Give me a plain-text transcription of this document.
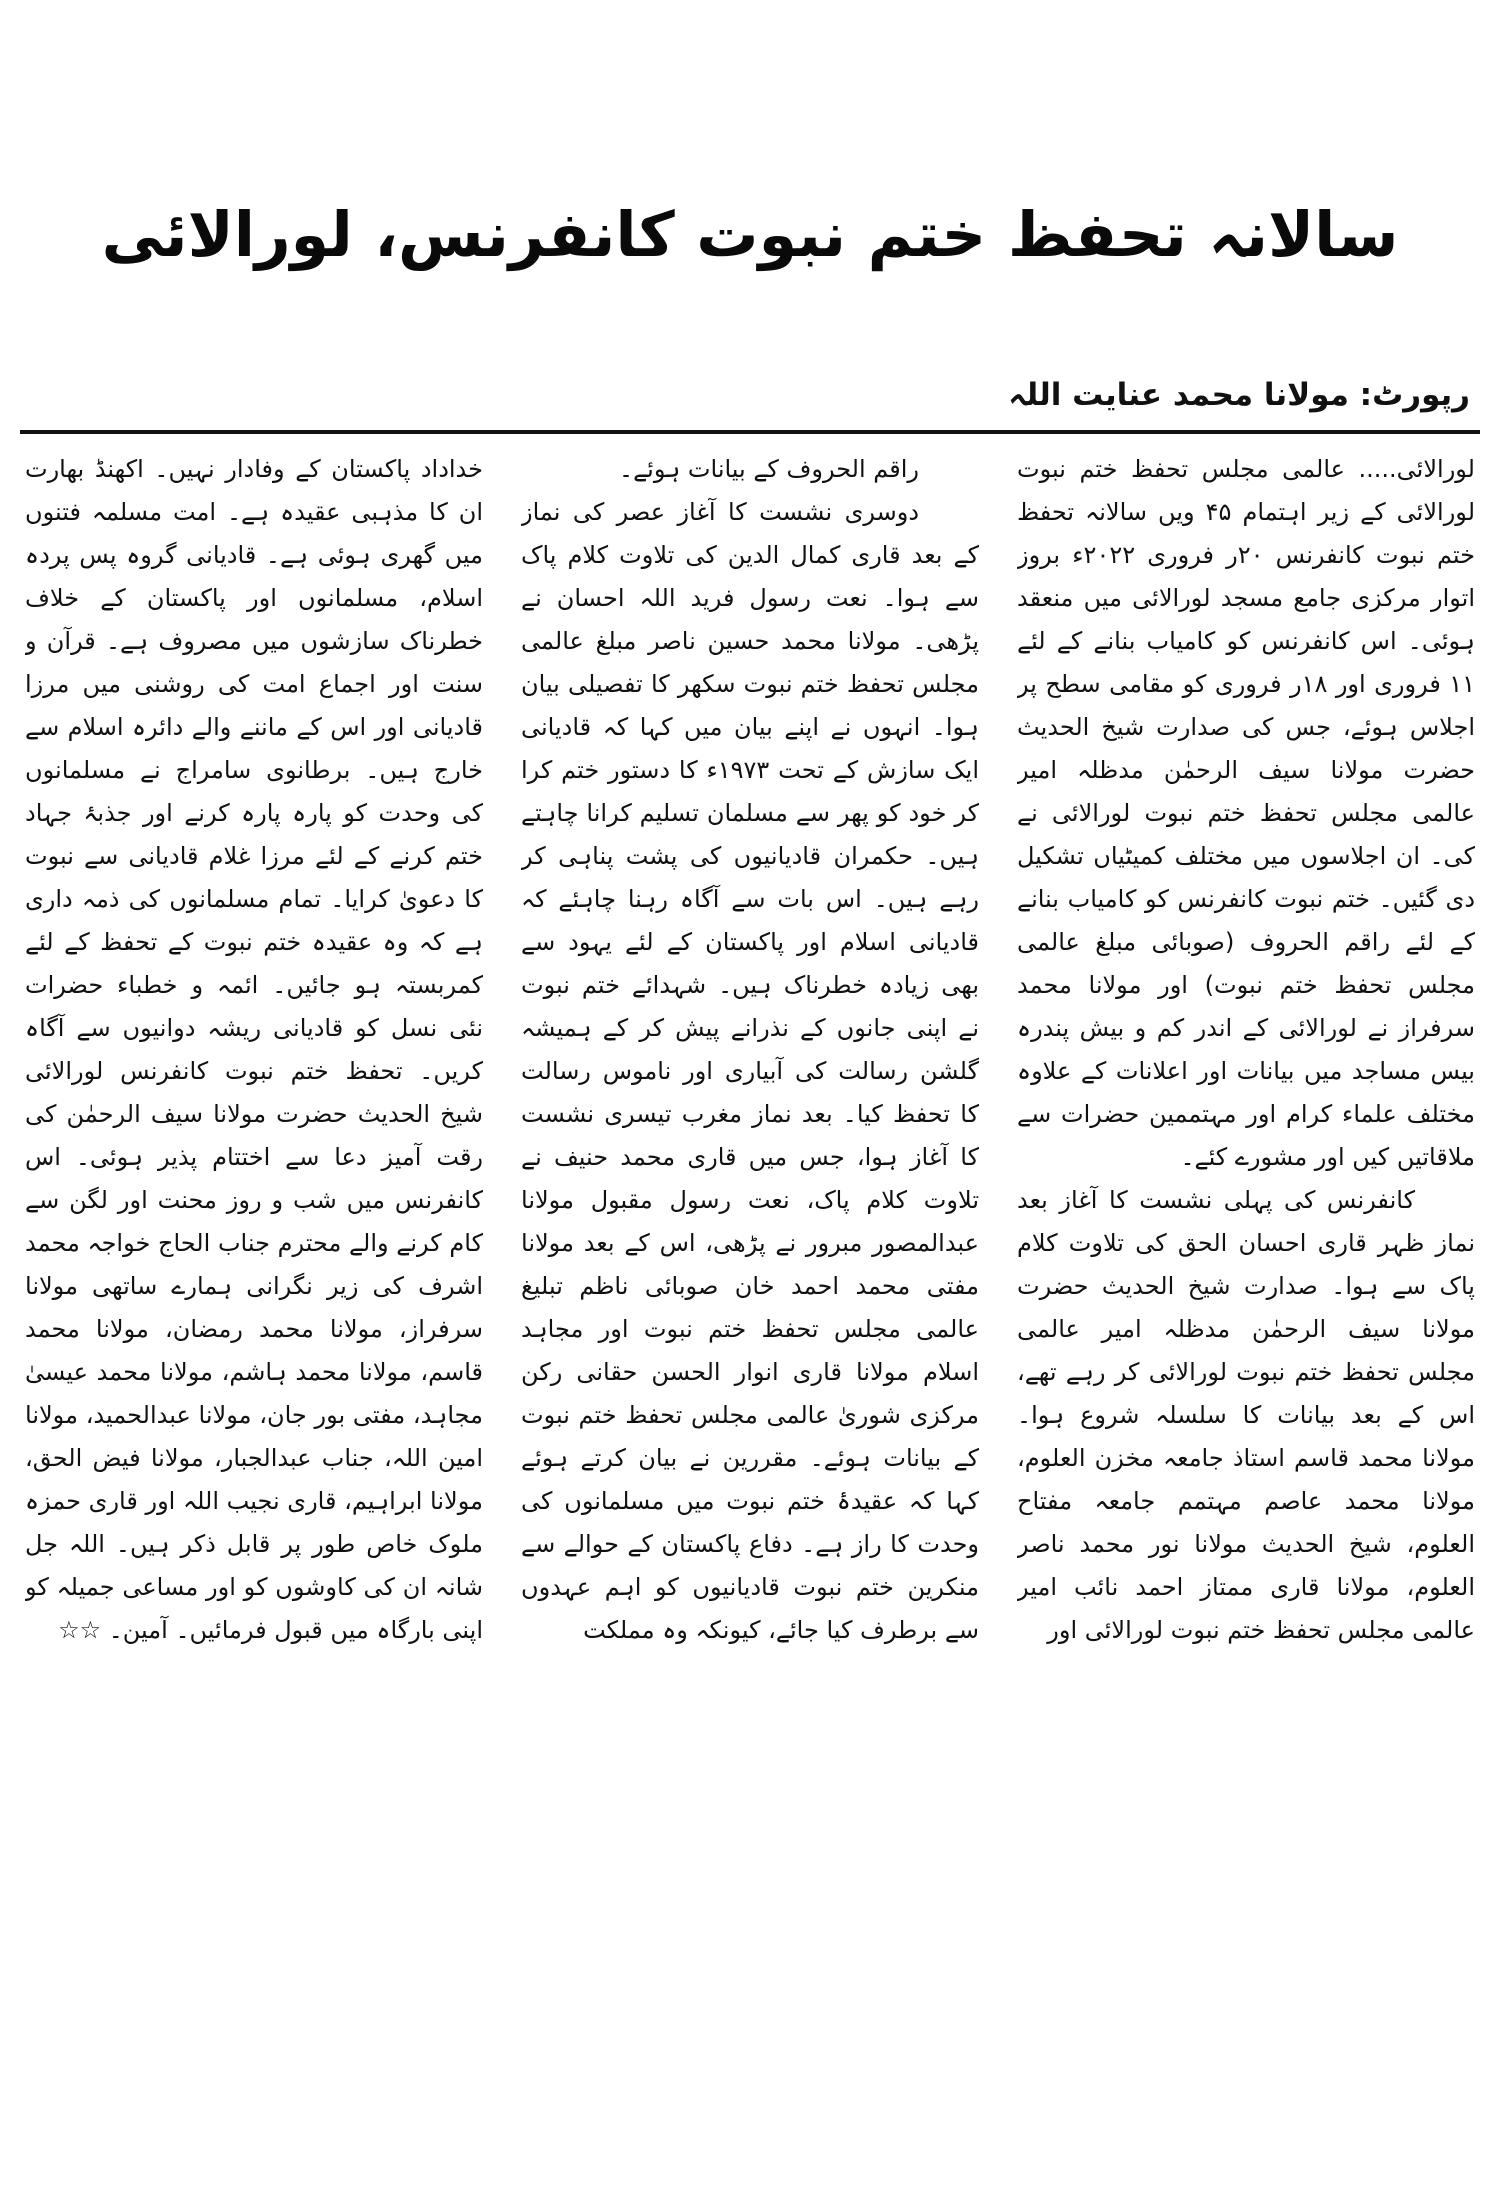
سالانہ تحفظ ختم نبوت کانفرنس، لورالائی
رپورٹ: مولانا محمد عنایت اللہ

لورالائی..... عالمی مجلس تحفظ ختم نبوت لورالائی کے زیر اہتمام ۴۵ ویں سالانہ تحفظ ختم نبوت کانفرنس ۲۰ر فروری ۲۰۲۲ء بروز اتوار مرکزی جامع مسجد لورالائی میں منعقد ہوئی۔ اس کانفرنس کو کامیاب بنانے کے لئے ۱۱ فروری اور ۱۸ر فروری کو مقامی سطح پر اجلاس ہوئے، جس کی صدارت شیخ الحدیث حضرت مولانا سیف الرحمٰن مدظلہ امیر عالمی مجلس تحفظ ختم نبوت لورالائی نے کی۔ ان اجلاسوں میں مختلف کمیٹیاں تشکیل دی گئیں۔ ختم نبوت کانفرنس کو کامیاب بنانے کے لئے راقم الحروف (صوبائی مبلغ عالمی مجلس تحفظ ختم نبوت) اور مولانا محمد سرفراز نے لورالائی کے اندر کم و بیش پندرہ بیس مساجد میں بیانات اور اعلانات کے علاوہ مختلف علماء کرام اور مہتممین حضرات سے ملاقاتیں کیں اور مشورے کئے۔

کانفرنس کی پہلی نشست کا آغاز بعد نماز ظہر قاری احسان الحق کی تلاوت کلام پاک سے ہوا۔ صدارت شیخ الحدیث حضرت مولانا سیف الرحمٰن مدظلہ امیر عالمی مجلس تحفظ ختم نبوت لورالائی کر رہے تھے، اس کے بعد بیانات کا سلسلہ شروع ہوا۔ مولانا محمد قاسم استاذ جامعہ مخزن العلوم، مولانا محمد عاصم مہتمم جامعہ مفتاح العلوم، شیخ الحدیث مولانا نور محمد ناصر العلوم، مولانا قاری ممتاز احمد نائب امیر عالمی مجلس تحفظ ختم نبوت لورالائی اور

راقم الحروف کے بیانات ہوئے۔

دوسری نشست کا آغاز عصر کی نماز کے بعد قاری کمال الدین کی تلاوت کلام پاک سے ہوا۔ نعت رسول فرید اللہ احسان نے پڑھی۔ مولانا محمد حسین ناصر مبلغ عالمی مجلس تحفظ ختم نبوت سکھر کا تفصیلی بیان ہوا۔ انہوں نے اپنے بیان میں کہا کہ قادیانی ایک سازش کے تحت ۱۹۷۳ء کا دستور ختم کرا کر خود کو پھر سے مسلمان تسلیم کرانا چاہتے ہیں۔ حکمران قادیانیوں کی پشت پناہی کر رہے ہیں۔ اس بات سے آگاہ رہنا چاہئے کہ قادیانی اسلام اور پاکستان کے لئے یہود سے بھی زیادہ خطرناک ہیں۔ شہدائے ختم نبوت نے اپنی جانوں کے نذرانے پیش کر کے ہمیشہ گلشن رسالت کی آبیاری اور ناموس رسالت کا تحفظ کیا۔ بعد نماز مغرب تیسری نشست کا آغاز ہوا، جس میں قاری محمد حنیف نے تلاوت کلام پاک، نعت رسول مقبول مولانا عبدالمصور مبرور نے پڑھی، اس کے بعد مولانا مفتی محمد احمد خان صوبائی ناظم تبلیغ عالمی مجلس تحفظ ختم نبوت اور مجاہد اسلام مولانا قاری انوار الحسن حقانی رکن مرکزی شوریٰ عالمی مجلس تحفظ ختم نبوت کے بیانات ہوئے۔ مقررین نے بیان کرتے ہوئے کہا کہ عقیدۂ ختم نبوت میں مسلمانوں کی وحدت کا راز ہے۔ دفاع پاکستان کے حوالے سے منکرین ختم نبوت قادیانیوں کو اہم عہدوں سے برطرف کیا جائے، کیونکہ وہ مملکت

خداداد پاکستان کے وفادار نہیں۔ اکھنڈ بھارت ان کا مذہبی عقیدہ ہے۔ امت مسلمہ فتنوں میں گھری ہوئی ہے۔ قادیانی گروہ پس پردہ اسلام، مسلمانوں اور پاکستان کے خلاف خطرناک سازشوں میں مصروف ہے۔ قرآن و سنت اور اجماع امت کی روشنی میں مرزا قادیانی اور اس کے ماننے والے دائرہ اسلام سے خارج ہیں۔ برطانوی سامراج نے مسلمانوں کی وحدت کو پارہ پارہ کرنے اور جذبۂ جہاد ختم کرنے کے لئے مرزا غلام قادیانی سے نبوت کا دعویٰ کرایا۔ تمام مسلمانوں کی ذمہ داری ہے کہ وہ عقیدہ ختم نبوت کے تحفظ کے لئے کمربستہ ہو جائیں۔ ائمہ و خطباء حضرات نئی نسل کو قادیانی ریشہ دوانیوں سے آگاہ کریں۔ تحفظ ختم نبوت کانفرنس لورالائی شیخ الحدیث حضرت مولانا سیف الرحمٰن کی رقت آمیز دعا سے اختتام پذیر ہوئی۔ اس کانفرنس میں شب و روز محنت اور لگن سے کام کرنے والے محترم جناب الحاج خواجہ محمد اشرف کی زیر نگرانی ہمارے ساتھی مولانا سرفراز، مولانا محمد رمضان، مولانا محمد قاسم، مولانا محمد ہاشم، مولانا محمد عیسیٰ مجاہد، مفتی بور جان، مولانا عبدالحمید، مولانا امین اللہ، جناب عبدالجبار، مولانا فیض الحق، مولانا ابراہیم، قاری نجیب اللہ اور قاری حمزہ ملوک خاص طور پر قابل ذکر ہیں۔ اللہ جل شانہ ان کی کاوشوں کو اور مساعی جمیلہ کو اپنی بارگاہ میں قبول فرمائیں۔ آمین۔ ☆☆
